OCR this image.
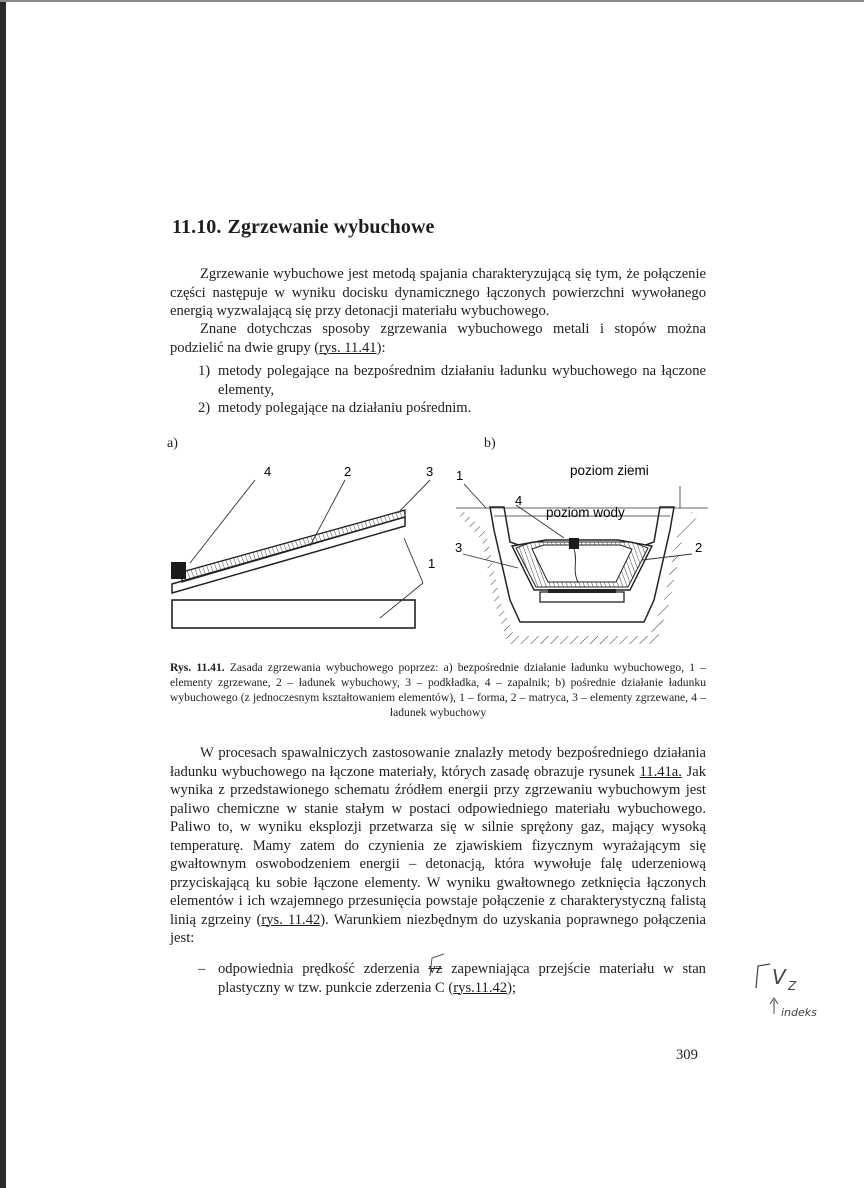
11.10. Zgrzewanie wybuchowe

Zgrzewanie wybuchowe jest metodą spajania charakteryzującą się tym, że połączenie części następuje w wyniku docisku dynamicznego łączonych powierzchni wywołanego energią wyzwalającą się przy detonacji materiału wybuchowego.

Znane dotychczas sposoby zgrzewania wybuchowego metali i stopów można podzielić na dwie grupy (rys. 11.41):

1) metody polegające na bezpośrednim działaniu ładunku wybuchowego na łączone elementy,
2) metody polegające na działaniu pośrednim.
a)	b)
4	2	3
1
1
4
3	2
poziom ziemi
poziom wody

Rys. 11.41. Zasada zgrzewania wybuchowego poprzez: a) bezpośrednie działanie ładunku wybuchowego, 1 – elementy zgrzewane, 2 – ładunek wybuchowy, 3 – podkładka, 4 – zapalnik; b) pośrednie działanie ładunku wybuchowego (z jednoczesnym kształtowaniem elementów), 1 – forma, 2 – matryca, 3 – elementy zgrzewane, 4 – ładunek wybuchowy

W procesach spawalniczych zastosowanie znalazły metody bezpośredniego działania ładunku wybuchowego na łączone materiały, których zasadę obrazuje rysunek 11.41a. Jak wynika z przedstawionego schematu źródłem energii przy zgrzewaniu wybuchowym jest paliwo chemiczne w stanie stałym w postaci odpowiedniego materiału wybuchowego. Paliwo to, w wyniku eksplozji przetwarza się w silnie sprężony gaz, mający wysoką temperaturę. Mamy zatem do czynienia ze zjawiskiem fizycznym wyrażającym się gwałtownym oswobodzeniem energii – detonacją, która wywołuje falę uderzeniową przyciskającą ku sobie łączone elementy. W wyniku gwałtownego zetknięcia łączonych elementów i ich wzajemnego przesunięcia powstaje połączenie z charakterystyczną falistą linią zgrzeiny (rys. 11.42). Warunkiem niezbędnym do uzyskania poprawnego połączenia jest:

– odpowiednia prędkość zderzenia vz
zapewniająca przejście materiału w stan plastyczny w tzw. punkcie zderzenia C (rys.11.42);
309
V Z
indeks
